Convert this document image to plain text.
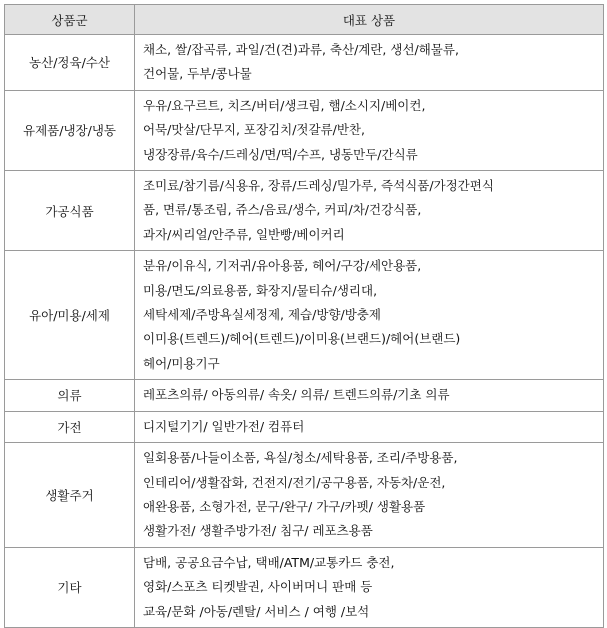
상품군	대표 상품
농산/정육/수산	채소, 쌀/잡곡류, 과일/건(견)과류, 축산/계란, 생선/해물류,
건어물, 두부/콩나물

유제품/냉장/냉동	우유/요구르트, 치즈/버터/생크림, 햄/소시지/베이컨,
어묵/맛살/단무지, 포장김치/젓갈류/반찬,
냉장장류/육수/드레싱/면/떡/수프, 냉동만두/간식류

가공식품	조미료/참기름/식용유, 장류/드레싱/밀가루, 즉석식품/가정간편식
품, 면류/통조림, 쥬스/음료/생수, 커피/차/건강식품,
과자/씨리얼/안주류, 일반빵/베이커리

유아/미용/세제	분유/이유식, 기저귀/유아용품, 헤어/구강/세안용품,
미용/면도/의료용품, 화장지/물티슈/생리대,
세탁세제/주방욕실세정제, 제습/방향/방충제
이미용(트렌드)/헤어(트렌드)/이미용(브랜드)/헤어(브랜드)
헤어/미용기구

의류	레포츠의류/ 아동의류/ 속옷/ 의류/ 트렌드의류/기초 의류

가전	디지털기기/ 일반가전/ 컴퓨터

생활주거	일회용품/나들이소품, 욕실/청소/세탁용품, 조리/주방용품,
인테리어/생활잡화, 건전지/전기/공구용품, 자동차/운전,
애완용품, 소형가전, 문구/완구/ 가구/카펫/ 생활용품
생활가전/ 생활주방가전/ 침구/ 레포츠용품

기타	담배, 공공요금수납, 택배/ATM/교통카드 충전,
영화/스포츠 티켓발권, 사이버머니 판매 등
교육/문화 /아동/렌탈/ 서비스 / 여행 /보석
